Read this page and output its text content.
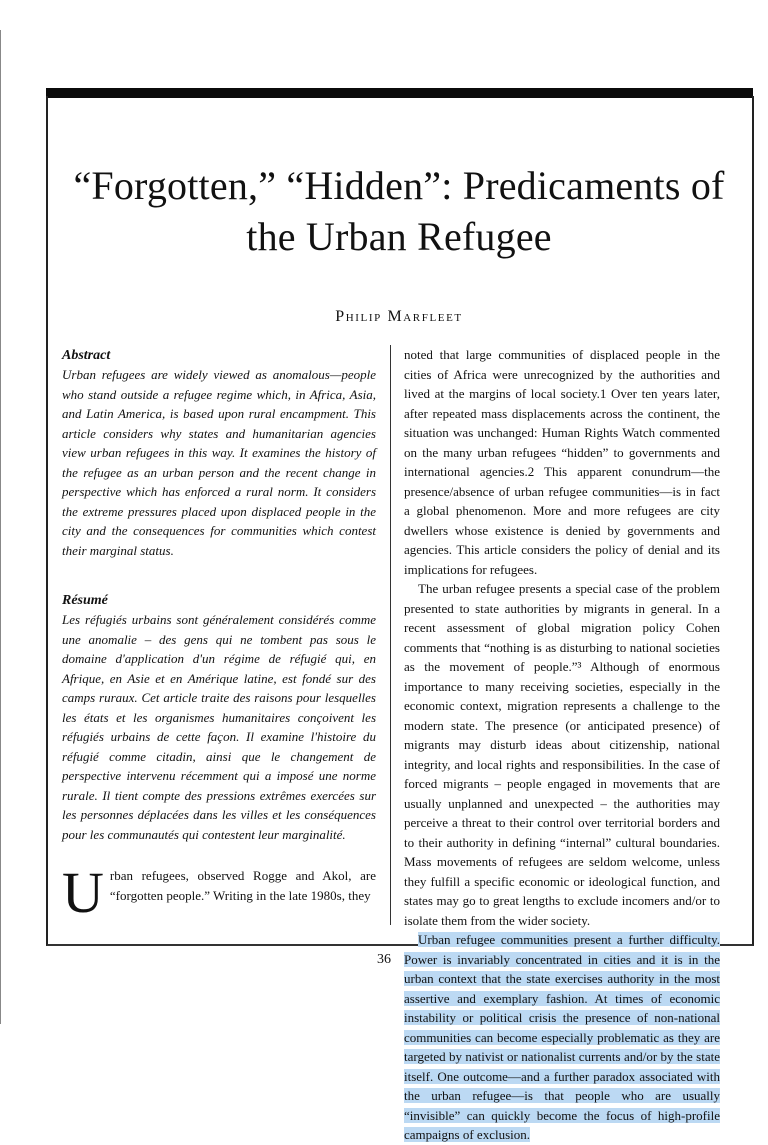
“Forgotten,” “Hidden”: Predicaments of the Urban Refugee
Philip Marfleet
Abstract
Urban refugees are widely viewed as anomalous—people who stand outside a refugee regime which, in Africa, Asia, and Latin America, is based upon rural encampment. This article considers why states and humanitarian agencies view urban refugees in this way. It examines the history of the refugee as an urban person and the recent change in perspective which has enforced a rural norm. It considers the extreme pressures placed upon displaced people in the city and the consequences for communities which contest their marginal status.
Résumé
Les réfugiés urbains sont généralement considérés comme une anomalie – des gens qui ne tombent pas sous le domaine d'application d'un régime de réfugié qui, en Afrique, en Asie et en Amérique latine, est fondé sur des camps ruraux. Cet article traite des raisons pour lesquelles les états et les organismes humanitaires conçoivent les réfugiés urbains de cette façon. Il examine l'histoire du réfugié comme citadin, ainsi que le changement de perspective intervenu récemment qui a imposé une norme rurale. Il tient compte des pressions extrêmes exercées sur les personnes déplacées dans les villes et les conséquences pour les communautés qui contestent leur marginalité.

Urban refugees, observed Rogge and Akol, are “forgotten people.” Writing in the late 1980s, they

noted that large communities of displaced people in the cities of Africa were unrecognized by the authorities and lived at the margins of local society.1 Over ten years later, after repeated mass displacements across the continent, the situation was unchanged: Human Rights Watch commented on the many urban refugees “hidden” to governments and international agencies.2 This apparent conundrum—the presence/absence of urban refugee communities—is in fact a global phenomenon. More and more refugees are city dwellers whose existence is denied by governments and agencies. This article considers the policy of denial and its implications for refugees.

The urban refugee presents a special case of the problem presented to state authorities by migrants in general. In a recent assessment of global migration policy Cohen comments that “nothing is as disturbing to national societies as the movement of people.”³ Although of enormous importance to many receiving societies, especially in the economic context, migration represents a challenge to the modern state. The presence (or anticipated presence) of migrants may disturb ideas about citizenship, national integrity, and local rights and responsibilities. In the case of forced migrants – people engaged in movements that are usually unplanned and unexpected – the authorities may perceive a threat to their control over territorial borders and to their authority in defining “internal” cultural boundaries. Mass movements of refugees are seldom welcome, unless they fulfill a specific economic or ideological function, and states may go to great lengths to exclude incomers and/or to isolate them from the wider society.

Urban refugee communities present a further difficulty. Power is invariably concentrated in cities and it is in the urban context that the state exercises authority in the most assertive and exemplary fashion. At times of economic instability or political crisis the presence of non-national communities can become especially problematic as they are targeted by nativist or nationalist currents and/or by the state itself. One outcome—and a further paradox associated with the urban refugee—is that people who are usually “invisible” can quickly become the focus of high-profile campaigns of exclusion.

36
